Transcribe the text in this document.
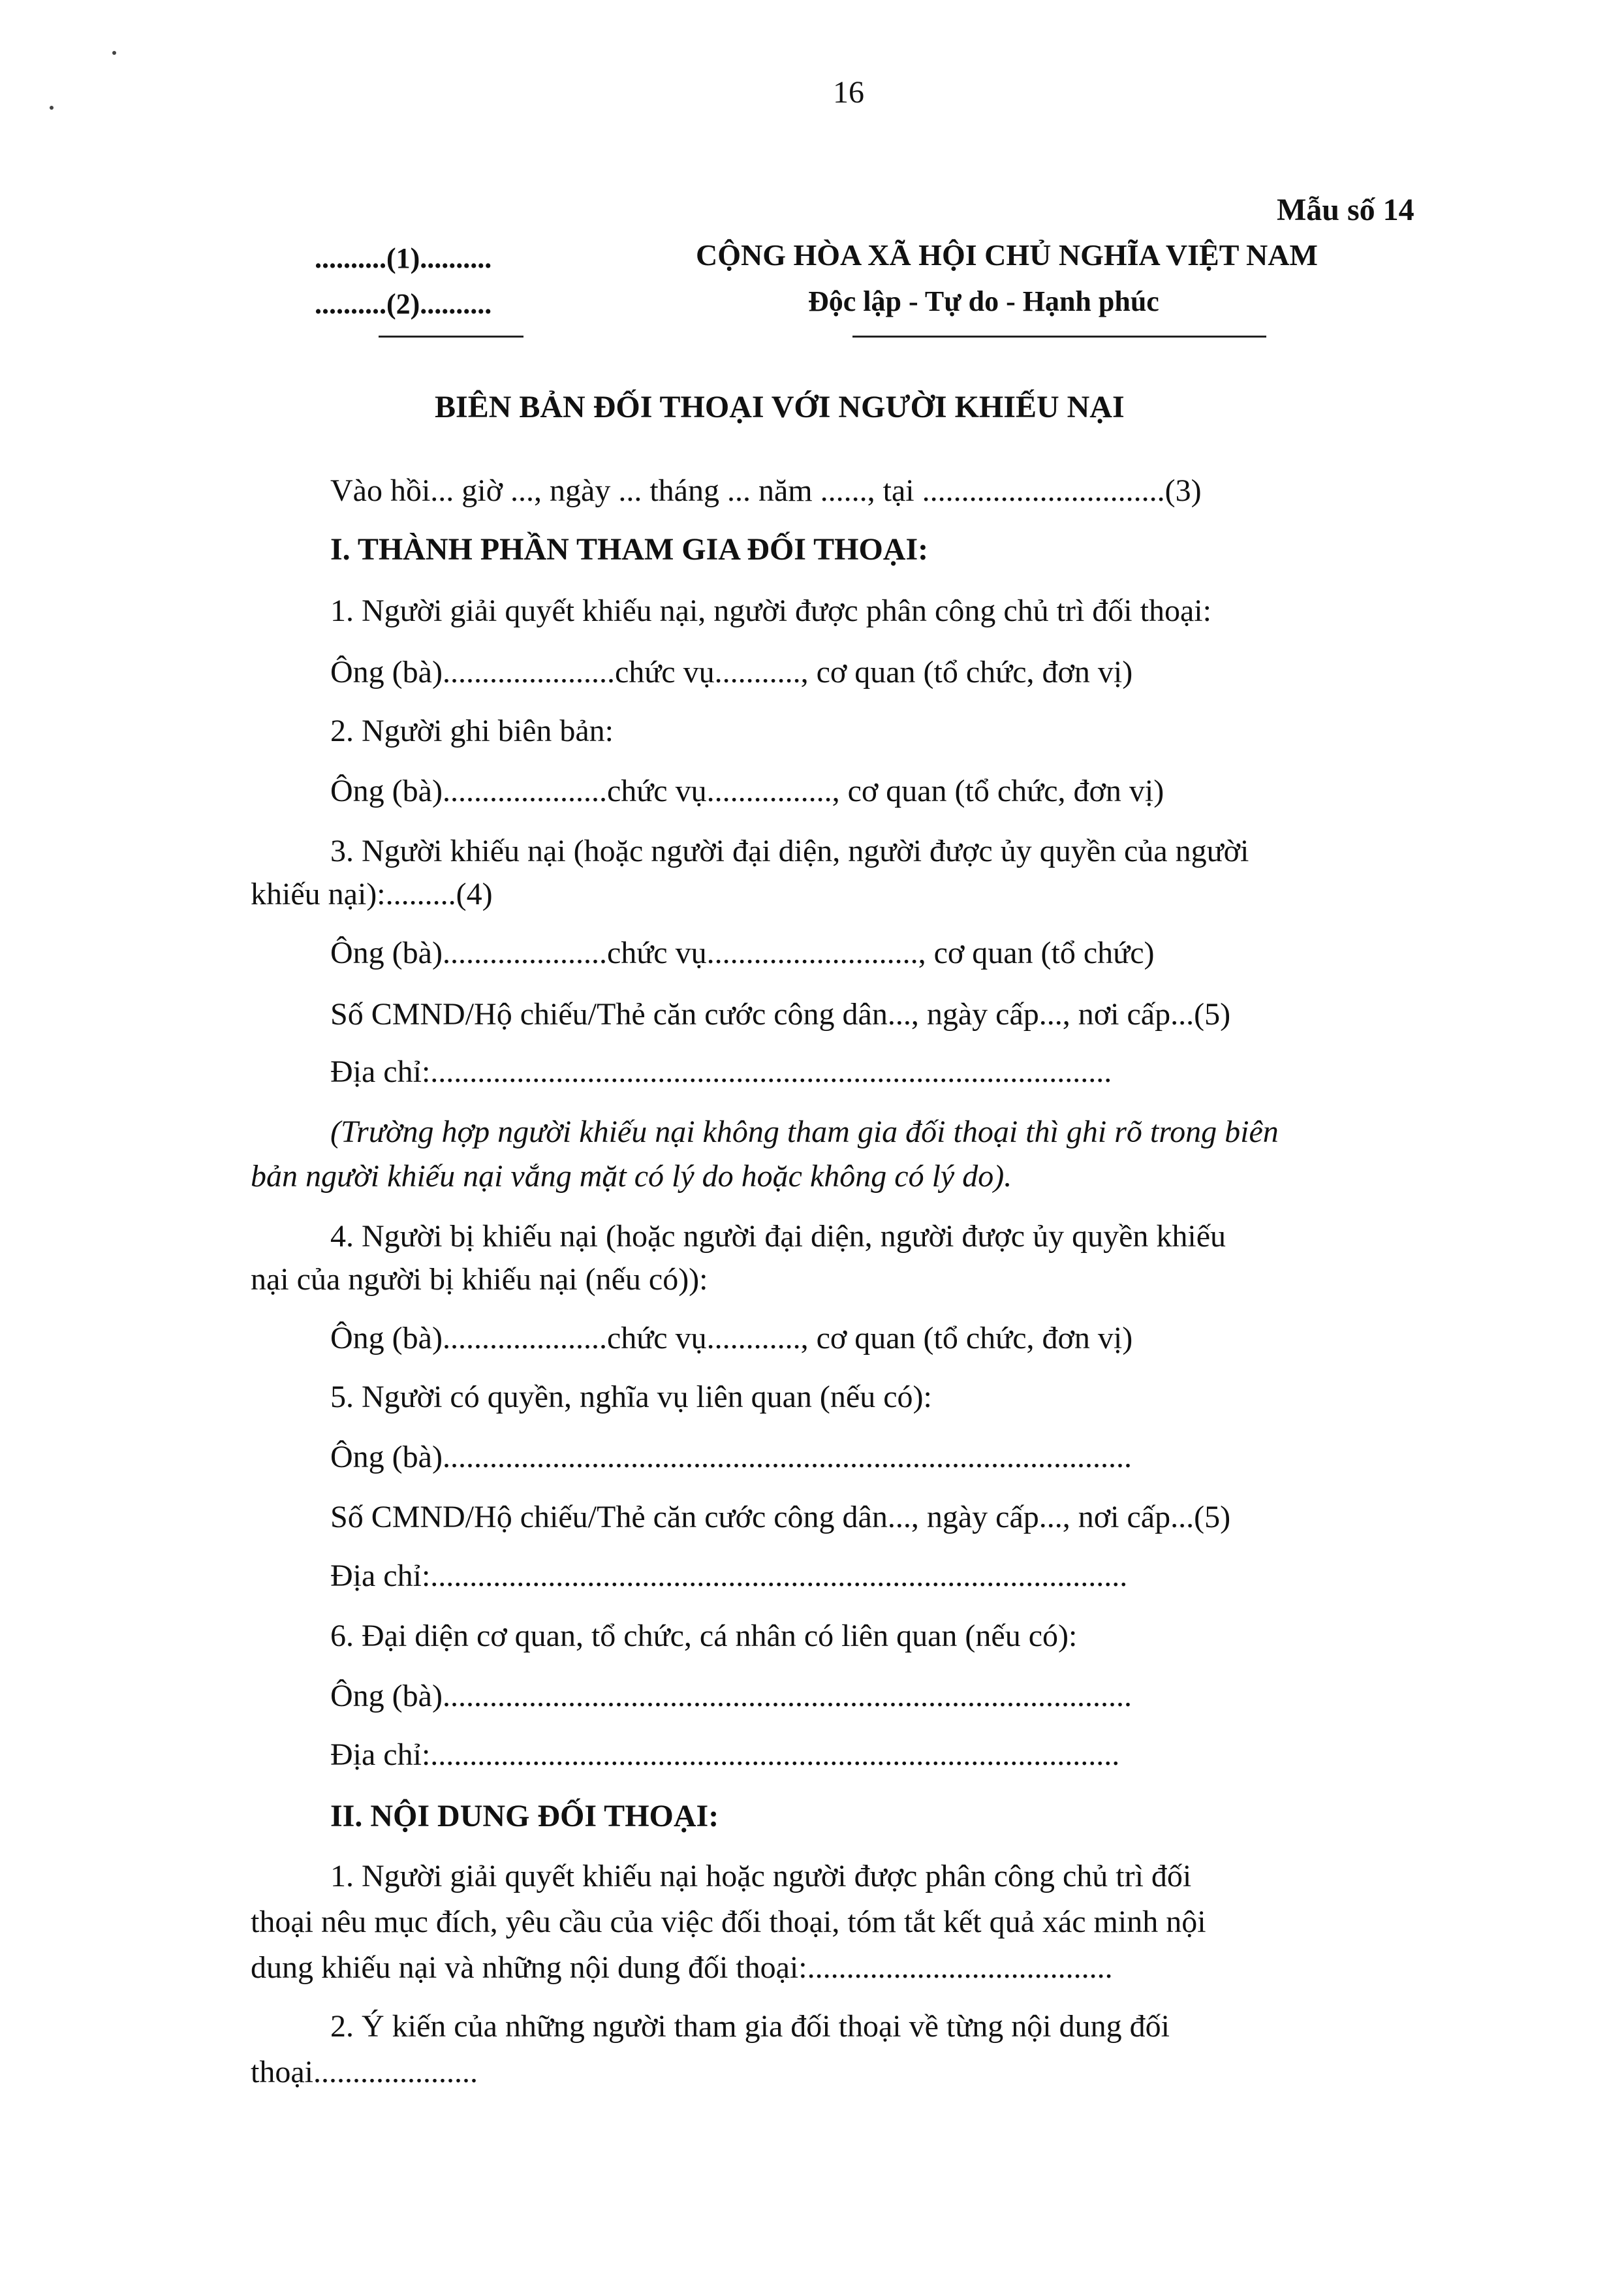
16
Mẫu số 14
..........(1)..........
..........(2)..........
CỘNG HÒA XÃ HỘI CHỦ NGHĨA VIỆT NAM
Độc lập - Tự do - Hạnh phúc
BIÊN BẢN ĐỐI THOẠI VỚI NGƯỜI KHIẾU NẠI
Vào hồi... giờ ..., ngày ... tháng ... năm ......, tại ...............................(3)
I. THÀNH PHẦN THAM GIA ĐỐI THOẠI:
1. Người giải quyết khiếu nại, người được phân công chủ trì đối thoại:
Ông (bà)......................chức vụ..........., cơ quan (tổ chức, đơn vị)
2. Người ghi biên bản:
Ông (bà).....................chức vụ................, cơ quan (tổ chức, đơn vị)
3. Người khiếu nại (hoặc người đại diện, người được ủy quyền của người
khiếu nại):.........(4)
Ông (bà).....................chức vụ..........................., cơ quan (tổ chức)
Số CMND/Hộ chiếu/Thẻ căn cước công dân..., ngày cấp..., nơi cấp...(5)
Địa chỉ:.......................................................................................
(Trường hợp người khiếu nại không tham gia đối thoại thì ghi rõ trong biên
bản người khiếu nại vắng mặt có lý do hoặc không có lý do).
4. Người bị khiếu nại (hoặc người đại diện, người được ủy quyền khiếu
nại của người bị khiếu nại (nếu có)):
Ông (bà).....................chức vụ............, cơ quan (tổ chức, đơn vị)
5. Người có quyền, nghĩa vụ liên quan (nếu có):
Ông (bà)........................................................................................
Số CMND/Hộ chiếu/Thẻ căn cước công dân..., ngày cấp..., nơi cấp...(5)
Địa chỉ:.........................................................................................
6. Đại diện cơ quan, tổ chức, cá nhân có liên quan (nếu có):
Ông (bà)........................................................................................
Địa chỉ:........................................................................................
II. NỘI DUNG ĐỐI THOẠI:
1. Người giải quyết khiếu nại hoặc người được phân công chủ trì đối
thoại nêu mục đích, yêu cầu của việc đối thoại, tóm tắt kết quả xác minh nội
dung khiếu nại và những nội dung đối thoại:.......................................
2. Ý kiến của những người tham gia đối thoại về từng nội dung đối
thoại.....................
